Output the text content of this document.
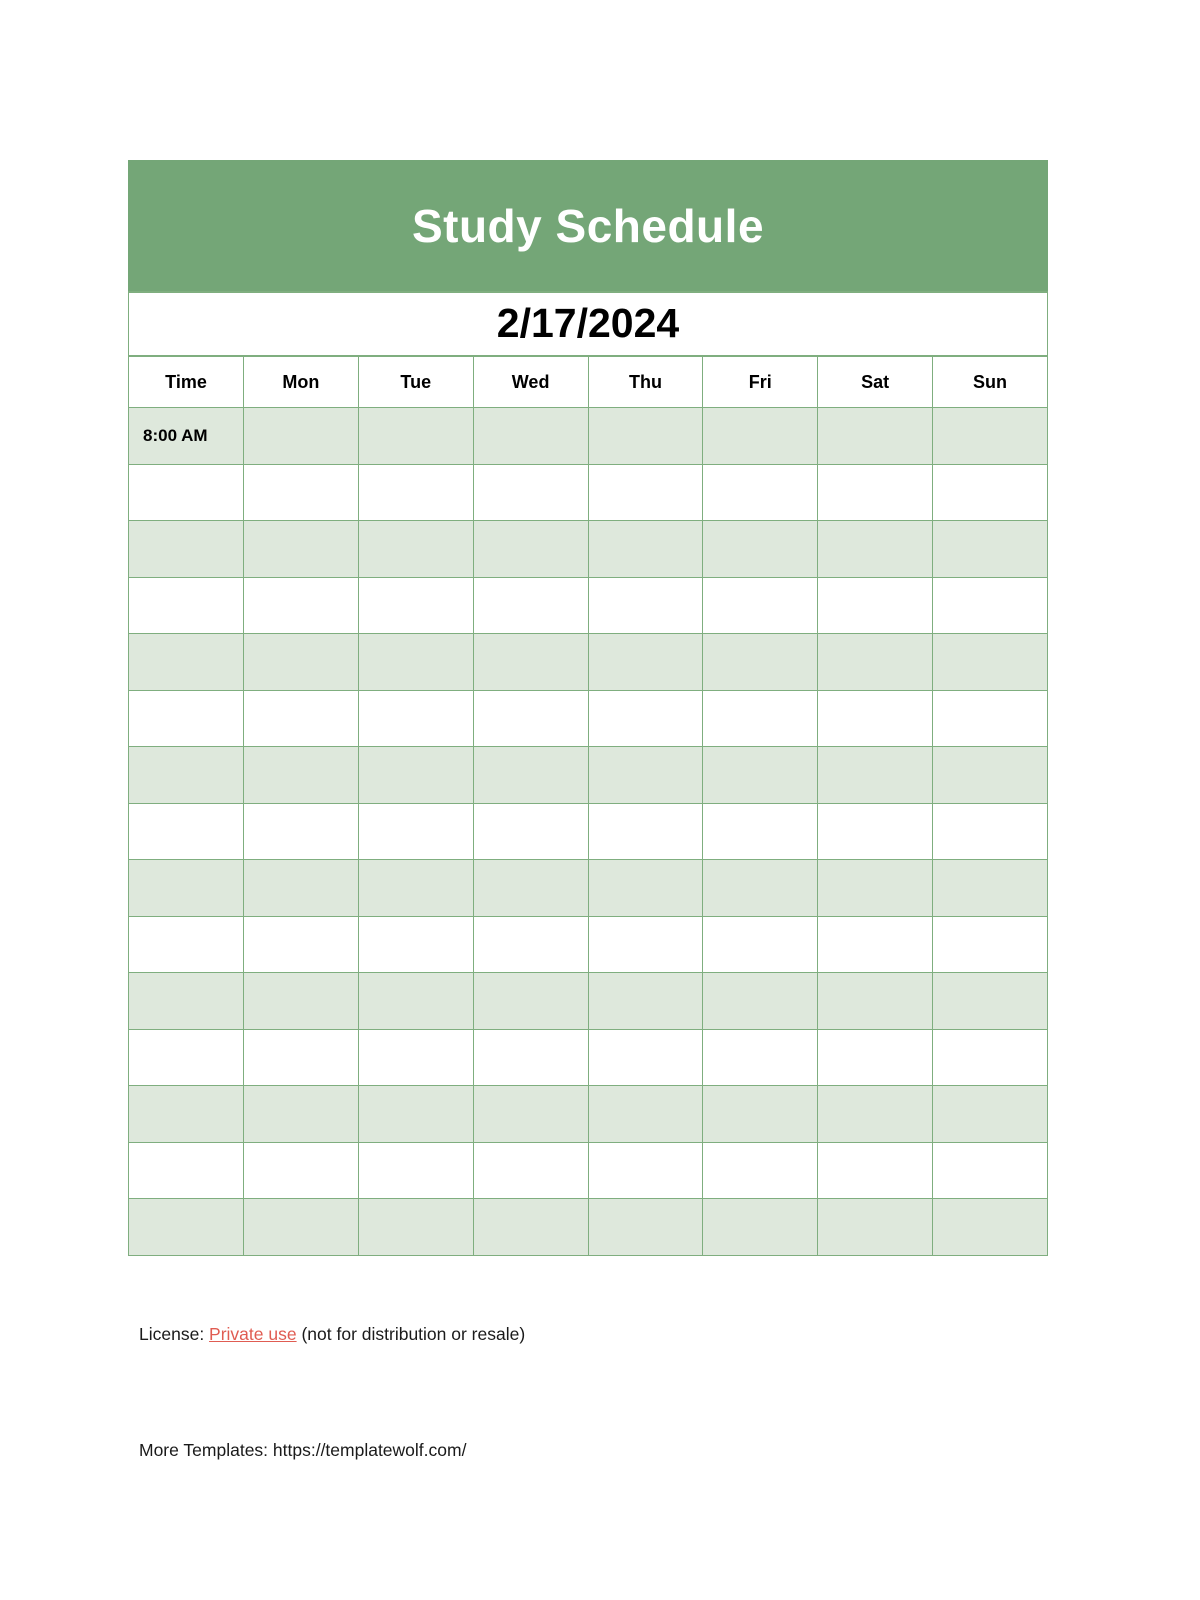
Study Schedule							
2/17/2024							
Time	Mon	Tue	Wed	Thu	Fri	Sat	Sun
8:00 AM							

License: Private use (not for distribution or resale)
More Templates: https://templatewolf.com/
